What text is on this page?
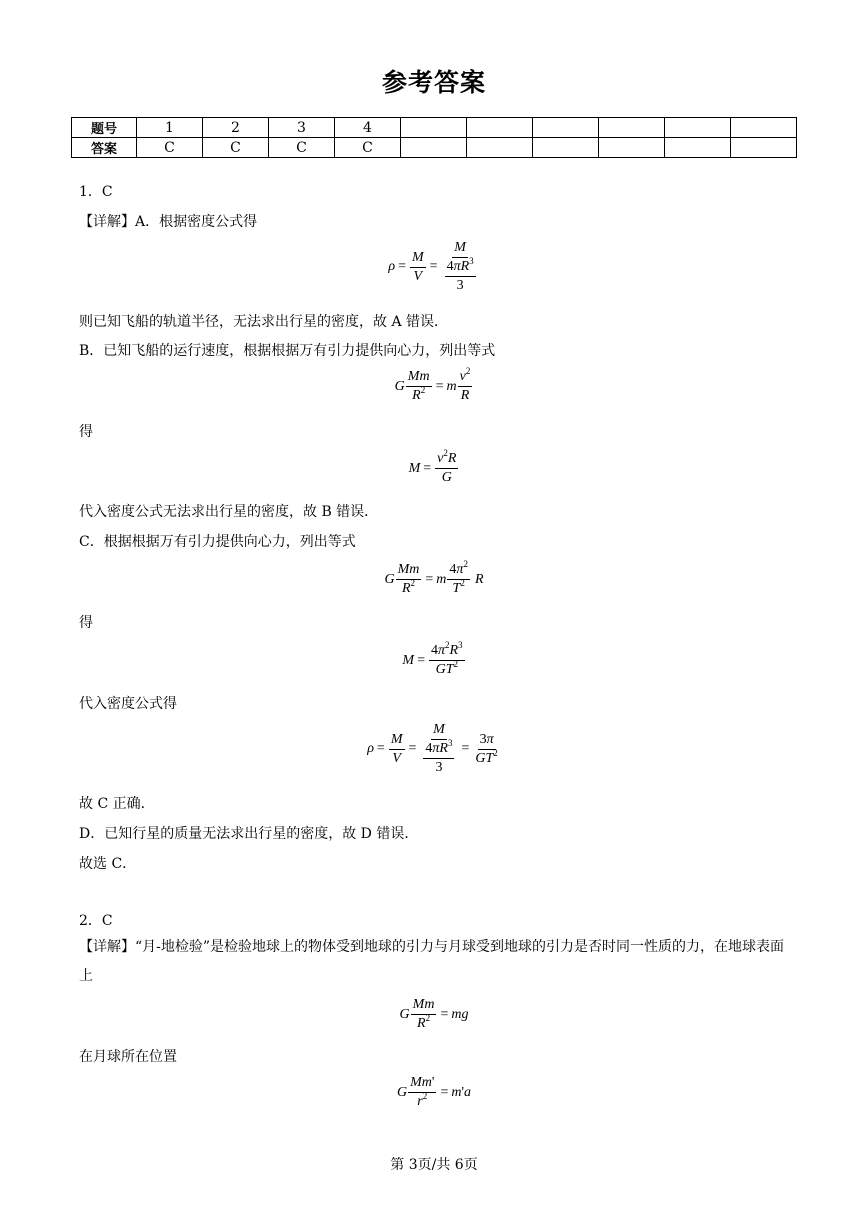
参考答案
题号	1	2	3	4						
答案	C	C	C	C						
1．C
【详解】A．根据密度公式得
$\rho = \frac{M}{V} = \frac{M}{\frac{4\pi R^3}{3}}$
则已知飞船的轨道半径，无法求出行星的密度，故 A 错误．
B．已知飞船的运行速度，根据根据万有引力提供向心力，列出等式
G $\frac{Mm}{R^2} = m \frac{v^2}{R}$
得
$M = \frac{v^2R}{G}$
代入密度公式无法求出行星的密度，故 B 错误．
C．根据根据万有引力提供向心力，列出等式
G $\frac{Mm}{R^2} = m \frac{4\pi^2}{T^2}$ R
得
$M = \frac{4\pi^2R^3}{GT^2}$
代入密度公式得
$\rho = \frac{M}{V} = \frac{M}{\frac{4\pi R^3}{3}} = \frac{3\pi}{GT^2}$
故 C 正确．
D．已知行星的质量无法求出行星的密度，故 D 错误．
故选 C．
2．C
【详解】“月-地检验”是检验地球上的物体受到地球的引力与月球受到地球的引力是否时同一性质的力，在地球表面上
G $\frac{Mm}{R^2}$ = mg
在月球所在位置
G $\frac{Mm'}{r^2} = m$ ' a
第 3页/共 6页
